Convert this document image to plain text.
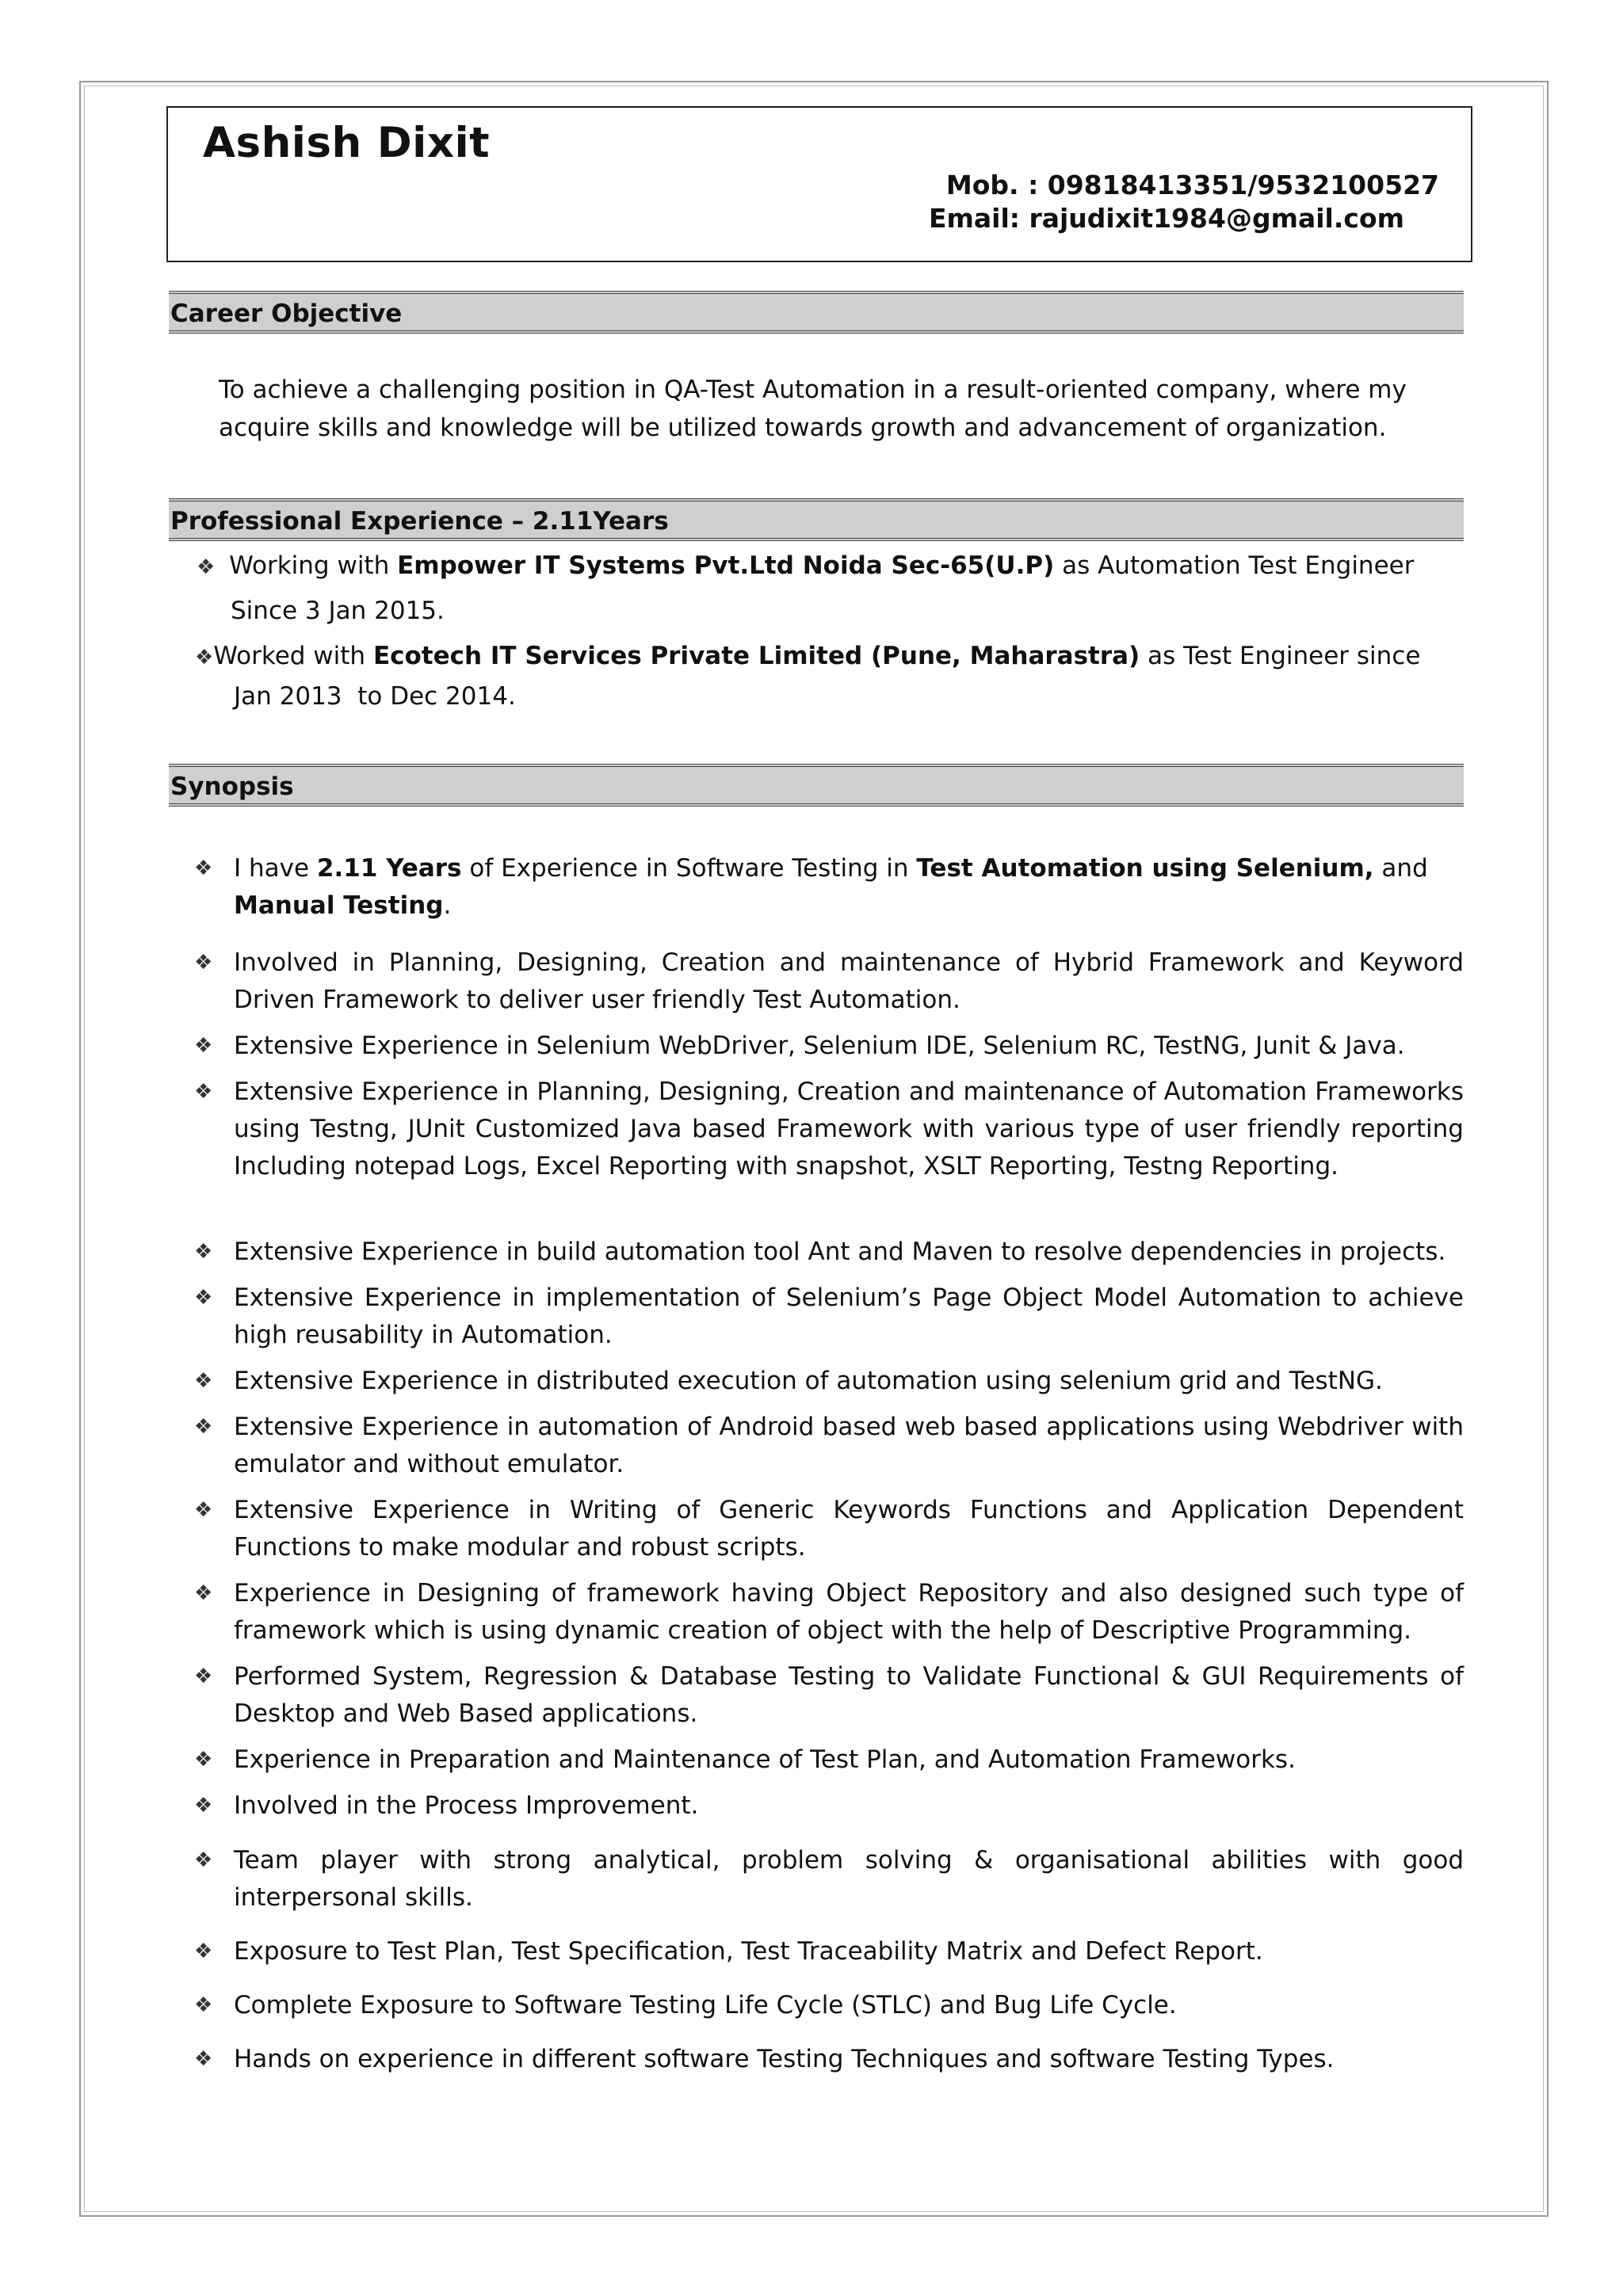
Ashish Dixit
Mob. : 09818413351/9532100527
Email: rajudixit1984@gmail.com
Career Objective

To achieve a challenging position in QA-Test Automation in a result-oriented company, where my

acquire skills and knowledge will be utilized towards growth and advancement of organization.

Professional Experience – 2.11Years
❖ Working with Empower IT Systems Pvt.Ltd Noida Sec-65(U.P) as Automation Test Engineer
Since 3 Jan 2015.
❖Worked with Ecotech IT Services Private Limited (Pune, Maharastra) as Test Engineer since
Jan 2013  to Dec 2014.
Synopsis
❖ I have 2.11 Years of Experience in Software Testing in Test Automation using Selenium, and Manual Testing.
❖ Involved in Planning, Designing, Creation and maintenance of Hybrid Framework and Keyword Driven Framework to deliver user friendly Test Automation.
❖ Extensive Experience in Selenium WebDriver, Selenium IDE, Selenium RC, TestNG, Junit & Java.
❖ Extensive Experience in Planning, Designing, Creation and maintenance of Automation Frameworks using Testng, JUnit Customized Java based Framework with various type of user friendly reporting Including notepad Logs, Excel Reporting with snapshot, XSLT Reporting, Testng Reporting.
❖ Extensive Experience in build automation tool Ant and Maven to resolve dependencies in projects.
❖ Extensive Experience in implementation of Selenium’s Page Object Model Automation to achieve high reusability in Automation.
❖ Extensive Experience in distributed execution of automation using selenium grid and TestNG.
❖ Extensive Experience in automation of Android based web based applications using Webdriver with emulator and without emulator.
❖ Extensive Experience in Writing of Generic Keywords Functions and Application Dependent Functions to make modular and robust scripts.
❖ Experience in Designing of framework having Object Repository and also designed such type of framework which is using dynamic creation of object with the help of Descriptive Programming.
❖ Performed System, Regression & Database Testing to Validate Functional & GUI Requirements of Desktop and Web Based applications.
❖ Experience in Preparation and Maintenance of Test Plan, and Automation Frameworks.
❖ Involved in the Process Improvement.
❖ Team player with strong analytical, problem solving & organisational abilities with good interpersonal skills.
❖ Exposure to Test Plan, Test Specification, Test Traceability Matrix and Defect Report.
❖ Complete Exposure to Software Testing Life Cycle (STLC) and Bug Life Cycle.
❖ Hands on experience in different software Testing Techniques and software Testing Types.
